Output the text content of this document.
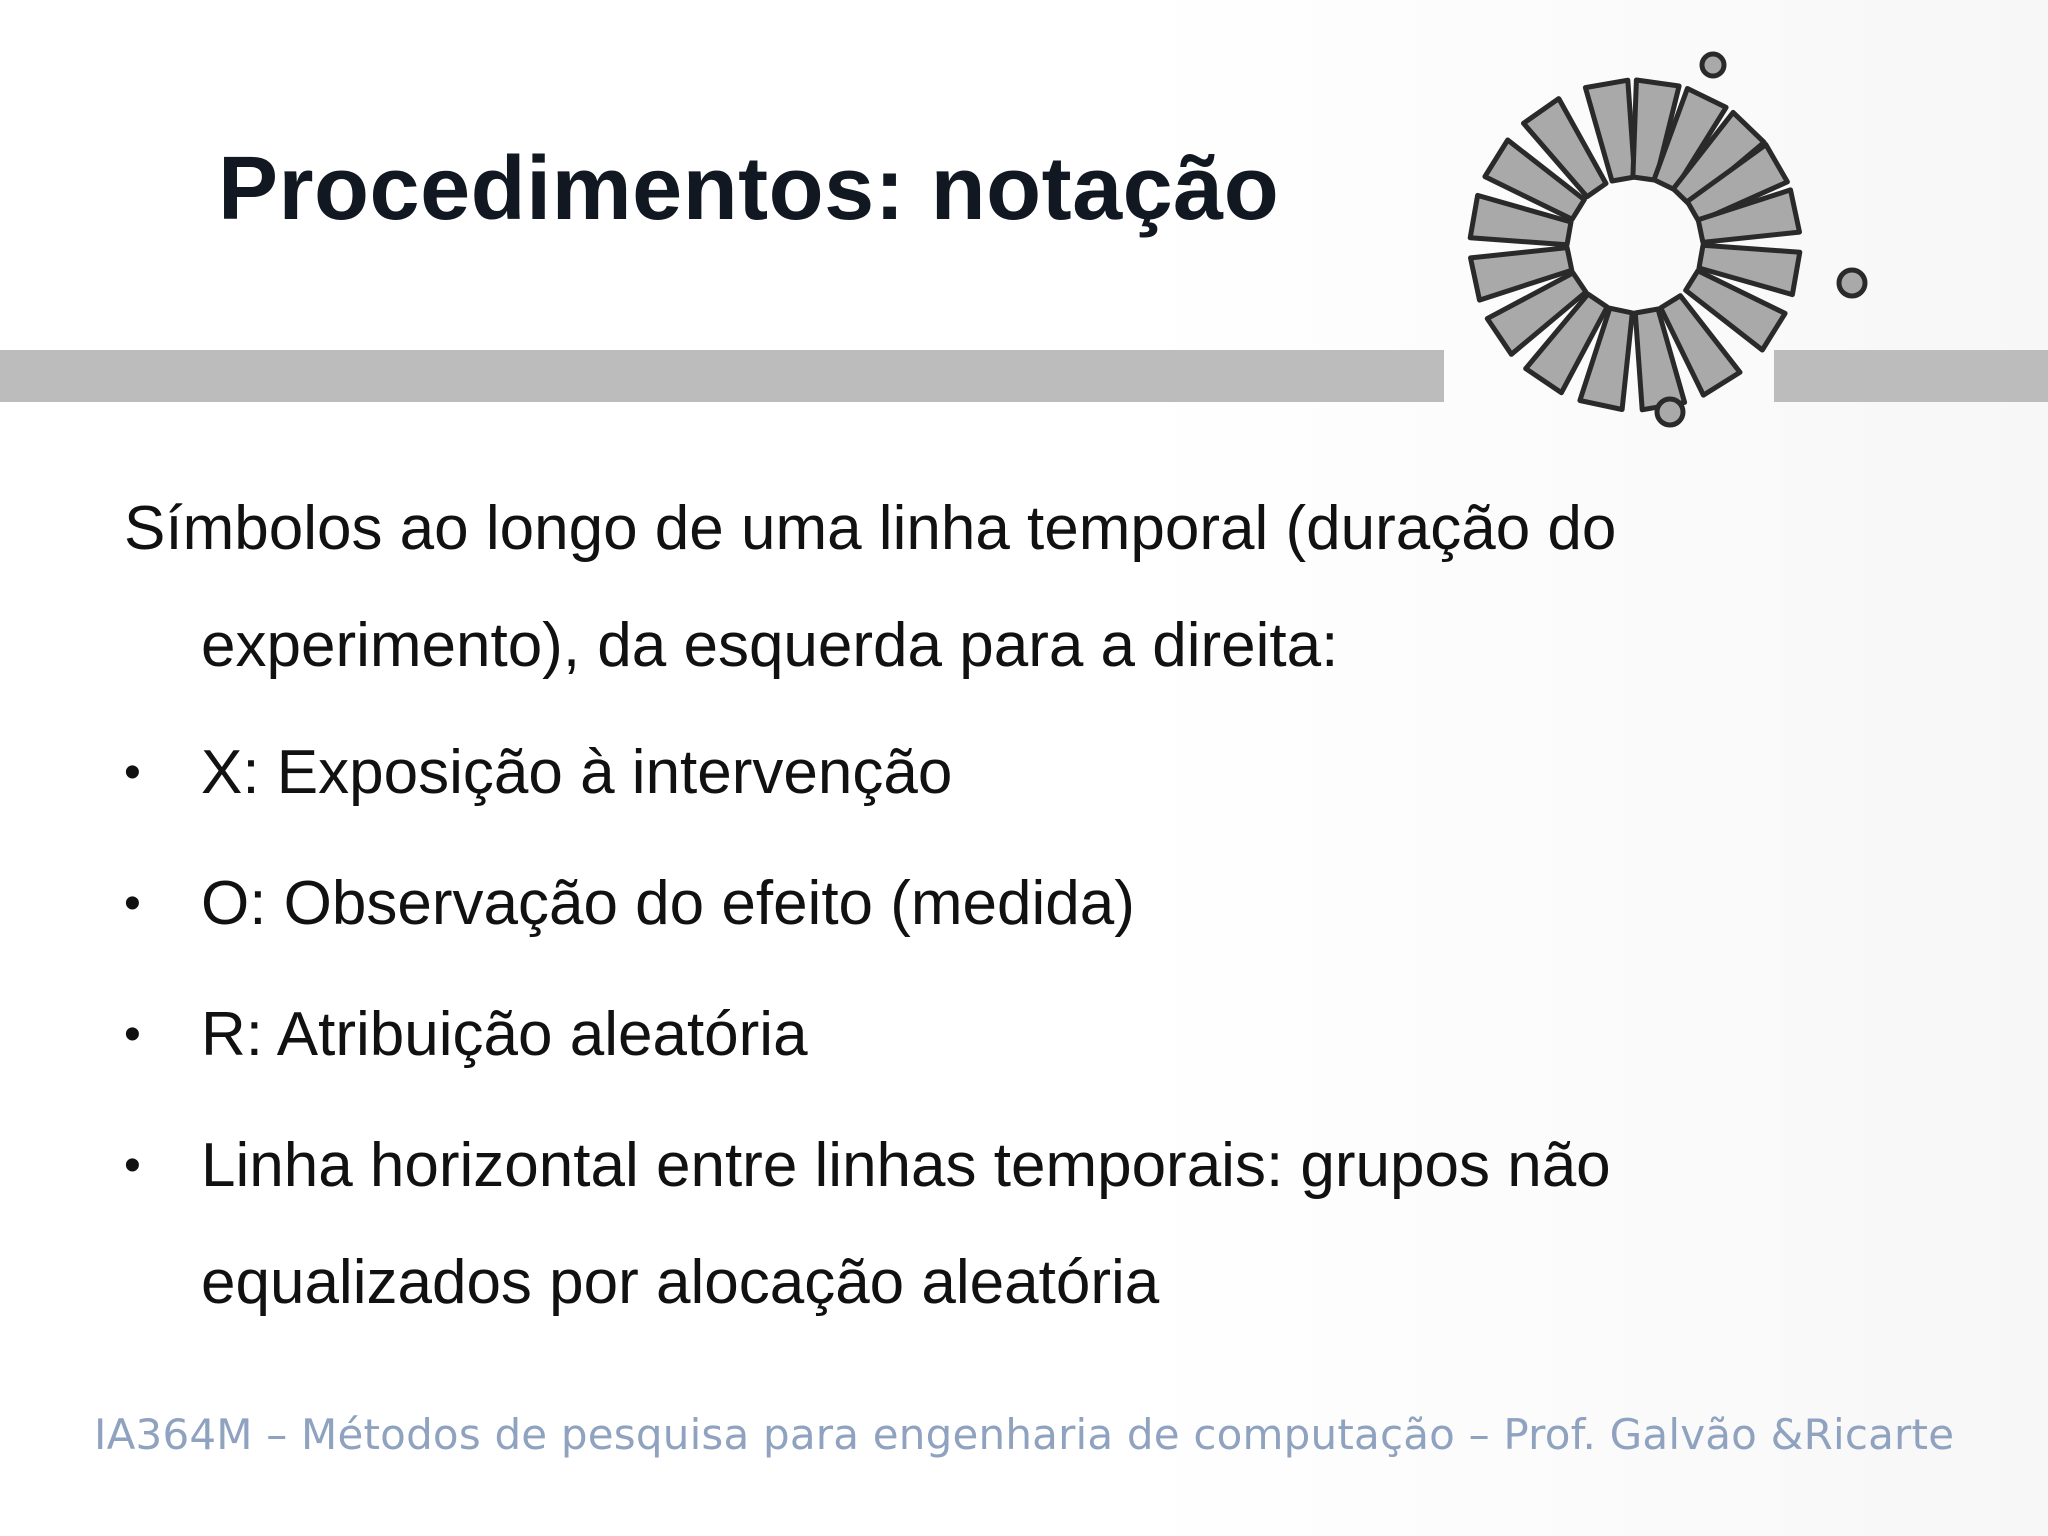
Procedimentos: notação

Símbolos ao longo de uma linha temporal (duração do experimento), da esquerda para a direita:

• X: Exposição à intervenção
• O: Observação do efeito (medida)
• R: Atribuição aleatória
• Linha horizontal entre linhas temporais: grupos não equalizados por alocação aleatória
IA364M – Métodos de pesquisa para engenharia de computação – Prof. Galvão &Ricarte
